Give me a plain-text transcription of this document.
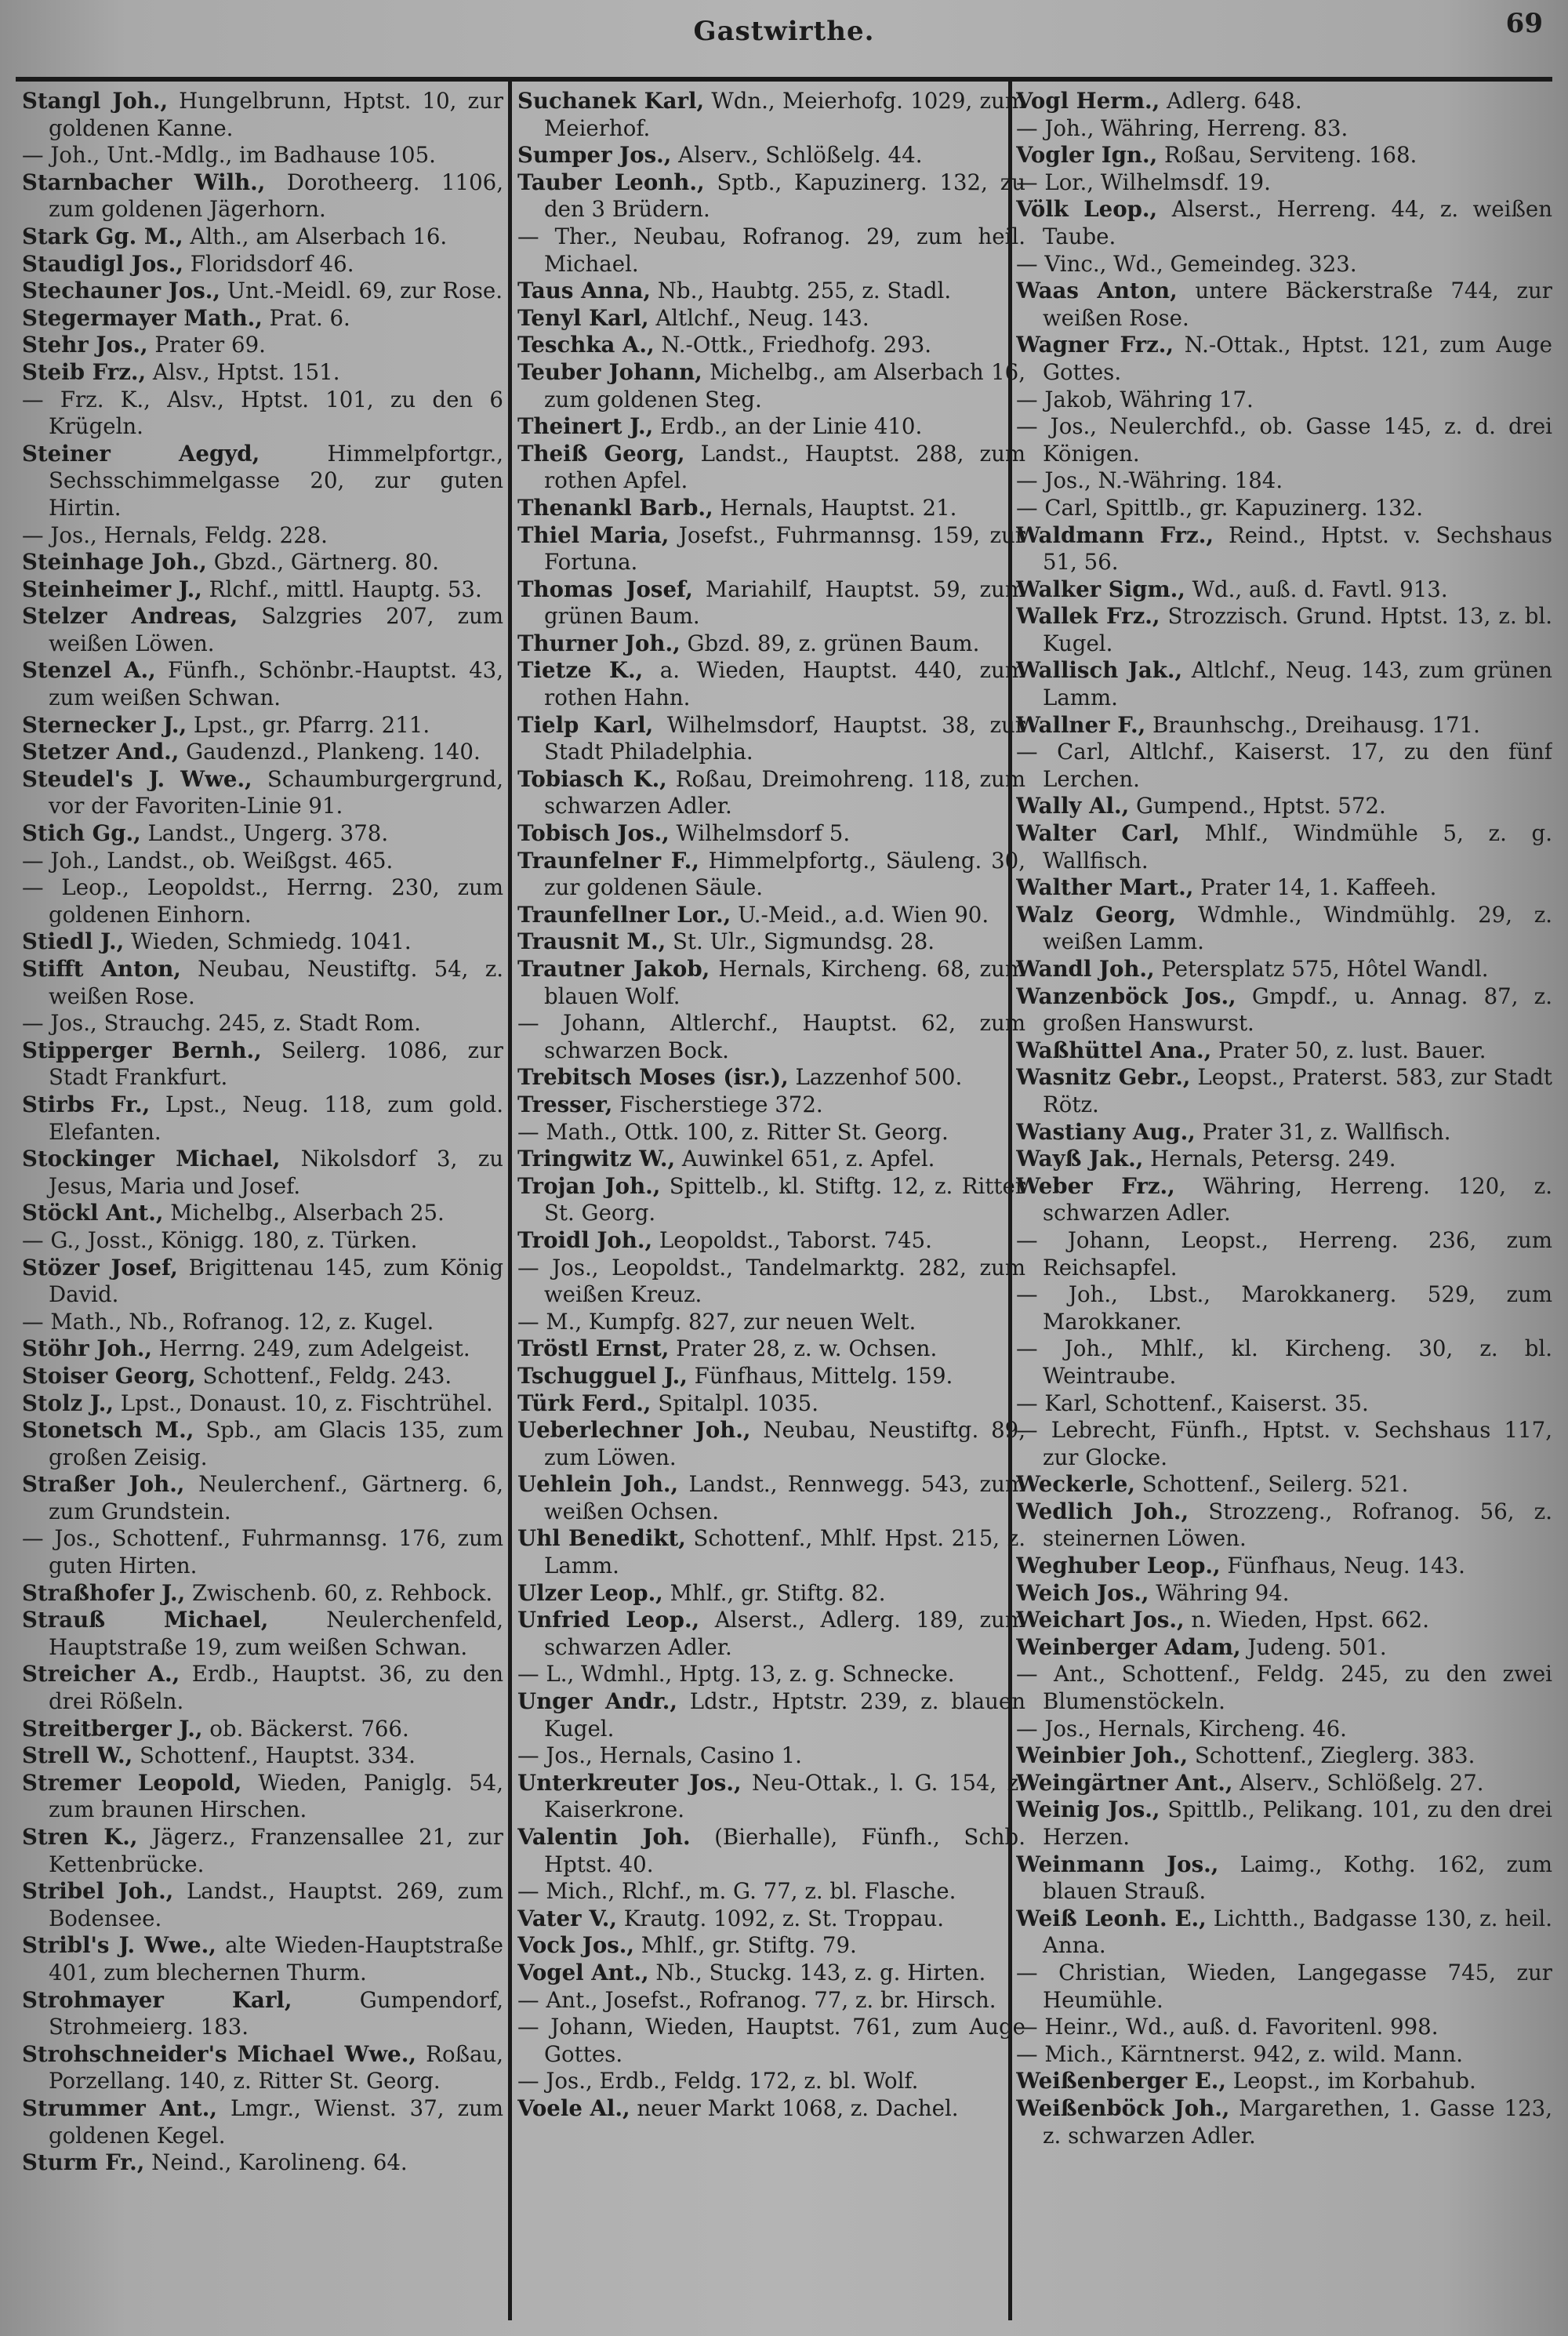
Gastwirthe.	69

Stangl Joh., Hungelbrunn, Hptst. 10, zur goldenen Kanne.

— Joh., Unt.-Mdlg., im Badhause 105.

Starnbacher Wilh., Dorotheerg. 1106, zum goldenen Jägerhorn.

Stark Gg. M., Alth., am Alserbach 16.

Staudigl Jos., Floridsdorf 46.

Stechauner Jos., Unt.-Meidl. 69, zur Rose.

Stegermayer Math., Prat. 6.

Stehr Jos., Prater 69.

Steib Frz., Alsv., Hptst. 151.

— Frz. K., Alsv., Hptst. 101, zu den 6 Krügeln.

Steiner Aegyd, Himmelpfortgr., Sechsschimmelgasse 20, zur guten Hirtin.

— Jos., Hernals, Feldg. 228.

Steinhage Joh., Gbzd., Gärtnerg. 80.

Steinheimer J., Rlchf., mittl. Hauptg. 53.

Stelzer Andreas, Salzgries 207, zum weißen Löwen.

Stenzel A., Fünfh., Schönbr.-Hauptst. 43, zum weißen Schwan.

Sternecker J., Lpst., gr. Pfarrg. 211.

Stetzer And., Gaudenzd., Plankeng. 140.

Steudel's J. Wwe., Schaumburgergrund, vor der Favoriten-Linie 91.

Stich Gg., Landst., Ungerg. 378.

— Joh., Landst., ob. Weißgst. 465.

— Leop., Leopoldst., Herrng. 230, zum goldenen Einhorn.

Stiedl J., Wieden, Schmiedg. 1041.

Stifft Anton, Neubau, Neustiftg. 54, z. weißen Rose.

— Jos., Strauchg. 245, z. Stadt Rom.

Stipperger Bernh., Seilerg. 1086, zur Stadt Frankfurt.

Stirbs Fr., Lpst., Neug. 118, zum gold. Elefanten.

Stockinger Michael, Nikolsdorf 3, zu Jesus, Maria und Josef.

Stöckl Ant., Michelbg., Alserbach 25.

— G., Josst., Königg. 180, z. Türken.

Stözer Josef, Brigittenau 145, zum König David.

— Math., Nb., Rofranog. 12, z. Kugel.

Stöhr Joh., Herrng. 249, zum Adelgeist.

Stoiser Georg, Schottenf., Feldg. 243.

Stolz J., Lpst., Donaust. 10, z. Fischtrühel.

Stonetsch M., Spb., am Glacis 135, zum großen Zeisig.

Straßer Joh., Neulerchenf., Gärtnerg. 6, zum Grundstein.

— Jos., Schottenf., Fuhrmannsg. 176, zum guten Hirten.

Straßhofer J., Zwischenb. 60, z. Rehbock.

Strauß Michael, Neulerchenfeld, Hauptstraße 19, zum weißen Schwan.

Streicher A., Erdb., Hauptst. 36, zu den drei Rößeln.

Streitberger J., ob. Bäckerst. 766.

Strell W., Schottenf., Hauptst. 334.

Stremer Leopold, Wieden, Paniglg. 54, zum braunen Hirschen.

Stren K., Jägerz., Franzensallee 21, zur Kettenbrücke.

Stribel Joh., Landst., Hauptst. 269, zum Bodensee.

Stribl's J. Wwe., alte Wieden-Hauptstraße 401, zum blechernen Thurm.

Strohmayer Karl, Gumpendorf, Strohmeierg. 183.

Strohschneider's Michael Wwe., Roßau, Porzellang. 140, z. Ritter St. Georg.

Strummer Ant., Lmgr., Wienst. 37, zum goldenen Kegel.

Sturm Fr., Neind., Karolineng. 64.

Suchanek Karl, Wdn., Meierhofg. 1029, zum Meierhof.

Sumper Jos., Alserv., Schlößelg. 44.

Tauber Leonh., Sptb., Kapuzinerg. 132, zu den 3 Brüdern.

— Ther., Neubau, Rofranog. 29, zum heil. Michael.

Taus Anna, Nb., Haubtg. 255, z. Stadl.

Tenyl Karl, Altlchf., Neug. 143.

Teschka A., N.-Ottk., Friedhofg. 293.

Teuber Johann, Michelbg., am Alserbach 16, zum goldenen Steg.

Theinert J., Erdb., an der Linie 410.

Theiß Georg, Landst., Hauptst. 288, zum rothen Apfel.

Thenankl Barb., Hernals, Hauptst. 21.

Thiel Maria, Josefst., Fuhrmannsg. 159, zur Fortuna.

Thomas Josef, Mariahilf, Hauptst. 59, zum grünen Baum.

Thurner Joh., Gbzd. 89, z. grünen Baum.

Tietze K., a. Wieden, Hauptst. 440, zum rothen Hahn.

Tielp Karl, Wilhelmsdorf, Hauptst. 38, zur Stadt Philadelphia.

Tobiasch K., Roßau, Dreimohreng. 118, zum schwarzen Adler.

Tobisch Jos., Wilhelmsdorf 5.

Traunfelner F., Himmelpfortg., Säuleng. 30, zur goldenen Säule.

Traunfellner Lor., U.-Meid., a.d. Wien 90.

Trausnit M., St. Ulr., Sigmundsg. 28.

Trautner Jakob, Hernals, Kircheng. 68, zum blauen Wolf.

— Johann, Altlerchf., Hauptst. 62, zum schwarzen Bock.

Trebitsch Moses (isr.), Lazzenhof 500.

Tresser, Fischerstiege 372.

— Math., Ottk. 100, z. Ritter St. Georg.

Tringwitz W., Auwinkel 651, z. Apfel.

Trojan Joh., Spittelb., kl. Stiftg. 12, z. Ritter St. Georg.

Troidl Joh., Leopoldst., Taborst. 745.

— Jos., Leopoldst., Tandelmarktg. 282, zum weißen Kreuz.

— M., Kumpfg. 827, zur neuen Welt.

Tröstl Ernst, Prater 28, z. w. Ochsen.

Tschugguel J., Fünfhaus, Mittelg. 159.

Türk Ferd., Spitalpl. 1035.

Ueberlechner Joh., Neubau, Neustiftg. 89, zum Löwen.

Uehlein Joh., Landst., Rennwegg. 543, zum weißen Ochsen.

Uhl Benedikt, Schottenf., Mhlf. Hpst. 215, z. Lamm.

Ulzer Leop., Mhlf., gr. Stiftg. 82.

Unfried Leop., Alserst., Adlerg. 189, zum schwarzen Adler.

— L., Wdmhl., Hptg. 13, z. g. Schnecke.

Unger Andr., Ldstr., Hptstr. 239, z. blauen Kugel.

— Jos., Hernals, Casino 1.

Unterkreuter Jos., Neu-Ottak., l. G. 154, z. Kaiserkrone.

Valentin Joh. (Bierhalle), Fünfh., Schb. Hptst. 40.

— Mich., Rlchf., m. G. 77, z. bl. Flasche.

Vater V., Krautg. 1092, z. St. Troppau.

Vock Jos., Mhlf., gr. Stiftg. 79.

Vogel Ant., Nb., Stuckg. 143, z. g. Hirten.

— Ant., Josefst., Rofranog. 77, z. br. Hirsch.

— Johann, Wieden, Hauptst. 761, zum Auge Gottes.

— Jos., Erdb., Feldg. 172, z. bl. Wolf.

Voele Al., neuer Markt 1068, z. Dachel.

Vogl Herm., Adlerg. 648.

— Joh., Währing, Herreng. 83.

Vogler Ign., Roßau, Serviteng. 168.

— Lor., Wilhelmsdf. 19.

Völk Leop., Alserst., Herreng. 44, z. weißen Taube.

— Vinc., Wd., Gemeindeg. 323.

Waas Anton, untere Bäckerstraße 744, zur weißen Rose.

Wagner Frz., N.-Ottak., Hptst. 121, zum Auge Gottes.

— Jakob, Währing 17.

— Jos., Neulerchfd., ob. Gasse 145, z. d. drei Königen.

— Jos., N.-Währing. 184.

— Carl, Spittlb., gr. Kapuzinerg. 132.

Waldmann Frz., Reind., Hptst. v. Sechshaus 51, 56.

Walker Sigm., Wd., auß. d. Favtl. 913.

Wallek Frz., Strozzisch. Grund. Hptst. 13, z. bl. Kugel.

Wallisch Jak., Altlchf., Neug. 143, zum grünen Lamm.

Wallner F., Braunhschg., Dreihausg. 171.

— Carl, Altlchf., Kaiserst. 17, zu den fünf Lerchen.

Wally Al., Gumpend., Hptst. 572.

Walter Carl, Mhlf., Windmühle 5, z. g. Wallfisch.

Walther Mart., Prater 14, 1. Kaffeeh.

Walz Georg, Wdmhle., Windmühlg. 29, z. weißen Lamm.

Wandl Joh., Petersplatz 575, Hôtel Wandl.

Wanzenböck Jos., Gmpdf., u. Annag. 87, z. großen Hanswurst.

Waßhüttel Ana., Prater 50, z. lust. Bauer.

Wasnitz Gebr., Leopst., Praterst. 583, zur Stadt Rötz.

Wastiany Aug., Prater 31, z. Wallfisch.

Wayß Jak., Hernals, Petersg. 249.

Weber Frz., Währing, Herreng. 120, z. schwarzen Adler.

— Johann, Leopst., Herreng. 236, zum Reichsapfel.

— Joh., Lbst., Marokkanerg. 529, zum Marokkaner.

— Joh., Mhlf., kl. Kircheng. 30, z. bl. Weintraube.

— Karl, Schottenf., Kaiserst. 35.

— Lebrecht, Fünfh., Hptst. v. Sechshaus 117, zur Glocke.

Weckerle, Schottenf., Seilerg. 521.

Wedlich Joh., Strozzeng., Rofranog. 56, z. steinernen Löwen.

Weghuber Leop., Fünfhaus, Neug. 143.

Weich Jos., Währing 94.

Weichart Jos., n. Wieden, Hpst. 662.

Weinberger Adam, Judeng. 501.

— Ant., Schottenf., Feldg. 245, zu den zwei Blumenstöckeln.

— Jos., Hernals, Kircheng. 46.

Weinbier Joh., Schottenf., Zieglerg. 383.

Weingärtner Ant., Alserv., Schlößelg. 27.

Weinig Jos., Spittlb., Pelikang. 101, zu den drei Herzen.

Weinmann Jos., Laimg., Kothg. 162, zum blauen Strauß.

Weiß Leonh. E., Lichtth., Badgasse 130, z. heil. Anna.

— Christian, Wieden, Langegasse 745, zur Heumühle.

— Heinr., Wd., auß. d. Favoritenl. 998.

— Mich., Kärntnerst. 942, z. wild. Mann.

Weißenberger E., Leopst., im Korbahub.

Weißenböck Joh., Margarethen, 1. Gasse 123, z. schwarzen Adler.
